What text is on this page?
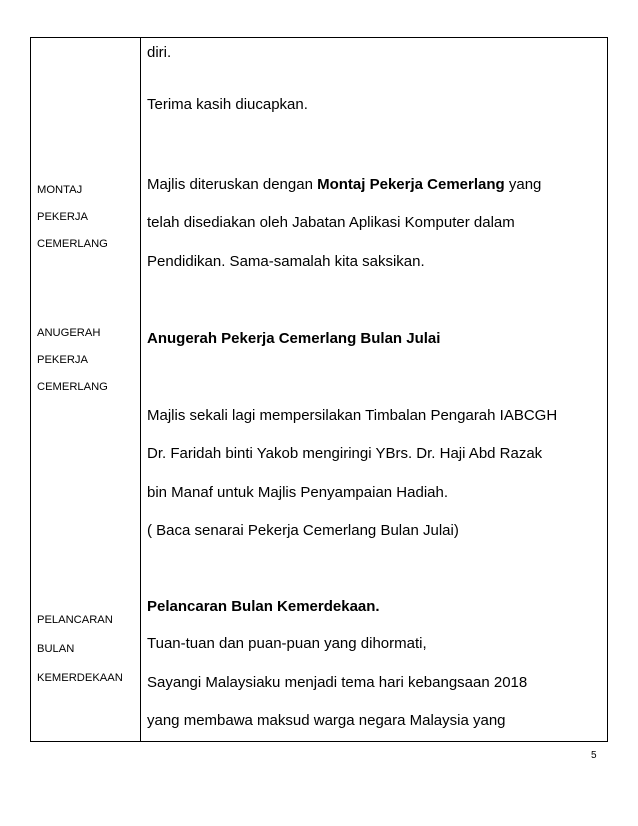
MONTAJ
PEKERJA
CEMERLANG
ANUGERAH
PEKERJA
CEMERLANG
PELANCARAN
BULAN
KEMERDEKAAN
diri.
Terima kasih diucapkan.
Majlis diteruskan dengan Montaj Pekerja Cemerlang yang
telah disediakan oleh Jabatan Aplikasi Komputer dalam
Pendidikan. Sama-samalah kita saksikan.
Anugerah Pekerja Cemerlang Bulan Julai
Majlis sekali lagi mempersilakan Timbalan Pengarah IABCGH
Dr. Faridah binti Yakob mengiringi YBrs. Dr. Haji Abd Razak
bin Manaf untuk Majlis Penyampaian Hadiah.
( Baca senarai Pekerja Cemerlang Bulan Julai)
Pelancaran Bulan Kemerdekaan.
Tuan-tuan dan puan-puan yang dihormati,
Sayangi Malaysiaku menjadi tema hari kebangsaan 2018
yang membawa maksud warga negara Malaysia yang
5
